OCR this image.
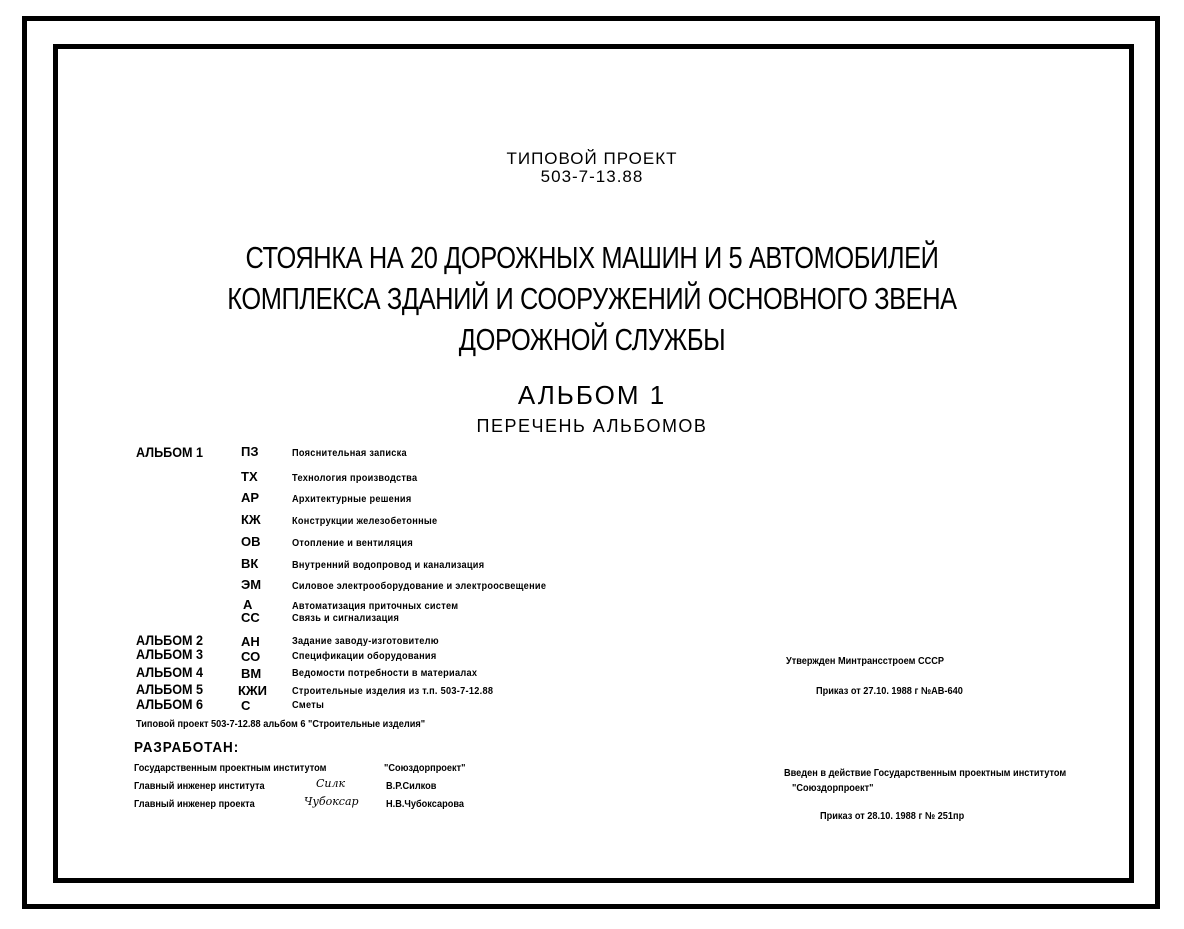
ТИПОВОЙ ПРОЕКТ
503-7-13.88
СТОЯНКА НА 20 ДОРОЖНЫХ МАШИН И 5 АВТОМОБИЛЕЙ
КОМПЛЕКСА ЗДАНИЙ И СООРУЖЕНИЙ ОСНОВНОГО ЗВЕНА
ДОРОЖНОЙ СЛУЖБЫ
АЛЬБОМ 1
ПЕРЕЧЕНЬ АЛЬБОМОВ
АЛЬБОМ 1	ПЗ	Пояснительная записка
ТХ	Технология производства
АР	Архитектурные решения
КЖ	Конструкции железобетонные
ОВ	Отопление и вентиляция
ВК	Внутренний водопровод и канализация
ЭМ	Силовое электрооборудование и электроосвещение
А	Автоматизация приточных систем
СС	Связь и сигнализация
АЛЬБОМ 2	АН	Задание заводу-изготовителю
АЛЬБОМ 3	СО	Спецификации оборудования
АЛЬБОМ 4	ВМ	Ведомости потребности в материалах
АЛЬБОМ 5	КЖИ Строительные изделия из т.п. 503-7-12.88
АЛЬБОМ 6	С	Сметы
Типовой проект 503-7-12.88 альбом 6 "Строительные изделия"
РАЗРАБОТАН:
Государственным проектным институтом	"Союздорпроект"
Главный инженер института	Силк	В.Р.Силков
Главный инженер проекта	Чубоксар	Н.В.Чубоксарова
Утвержден Минтрансстроем СССР
Приказ от 27.10. 1988 г №АВ-640
Введен в действие Государственным проектным институтом
"Союздорпроект"
Приказ от 28.10. 1988 г № 251пр
